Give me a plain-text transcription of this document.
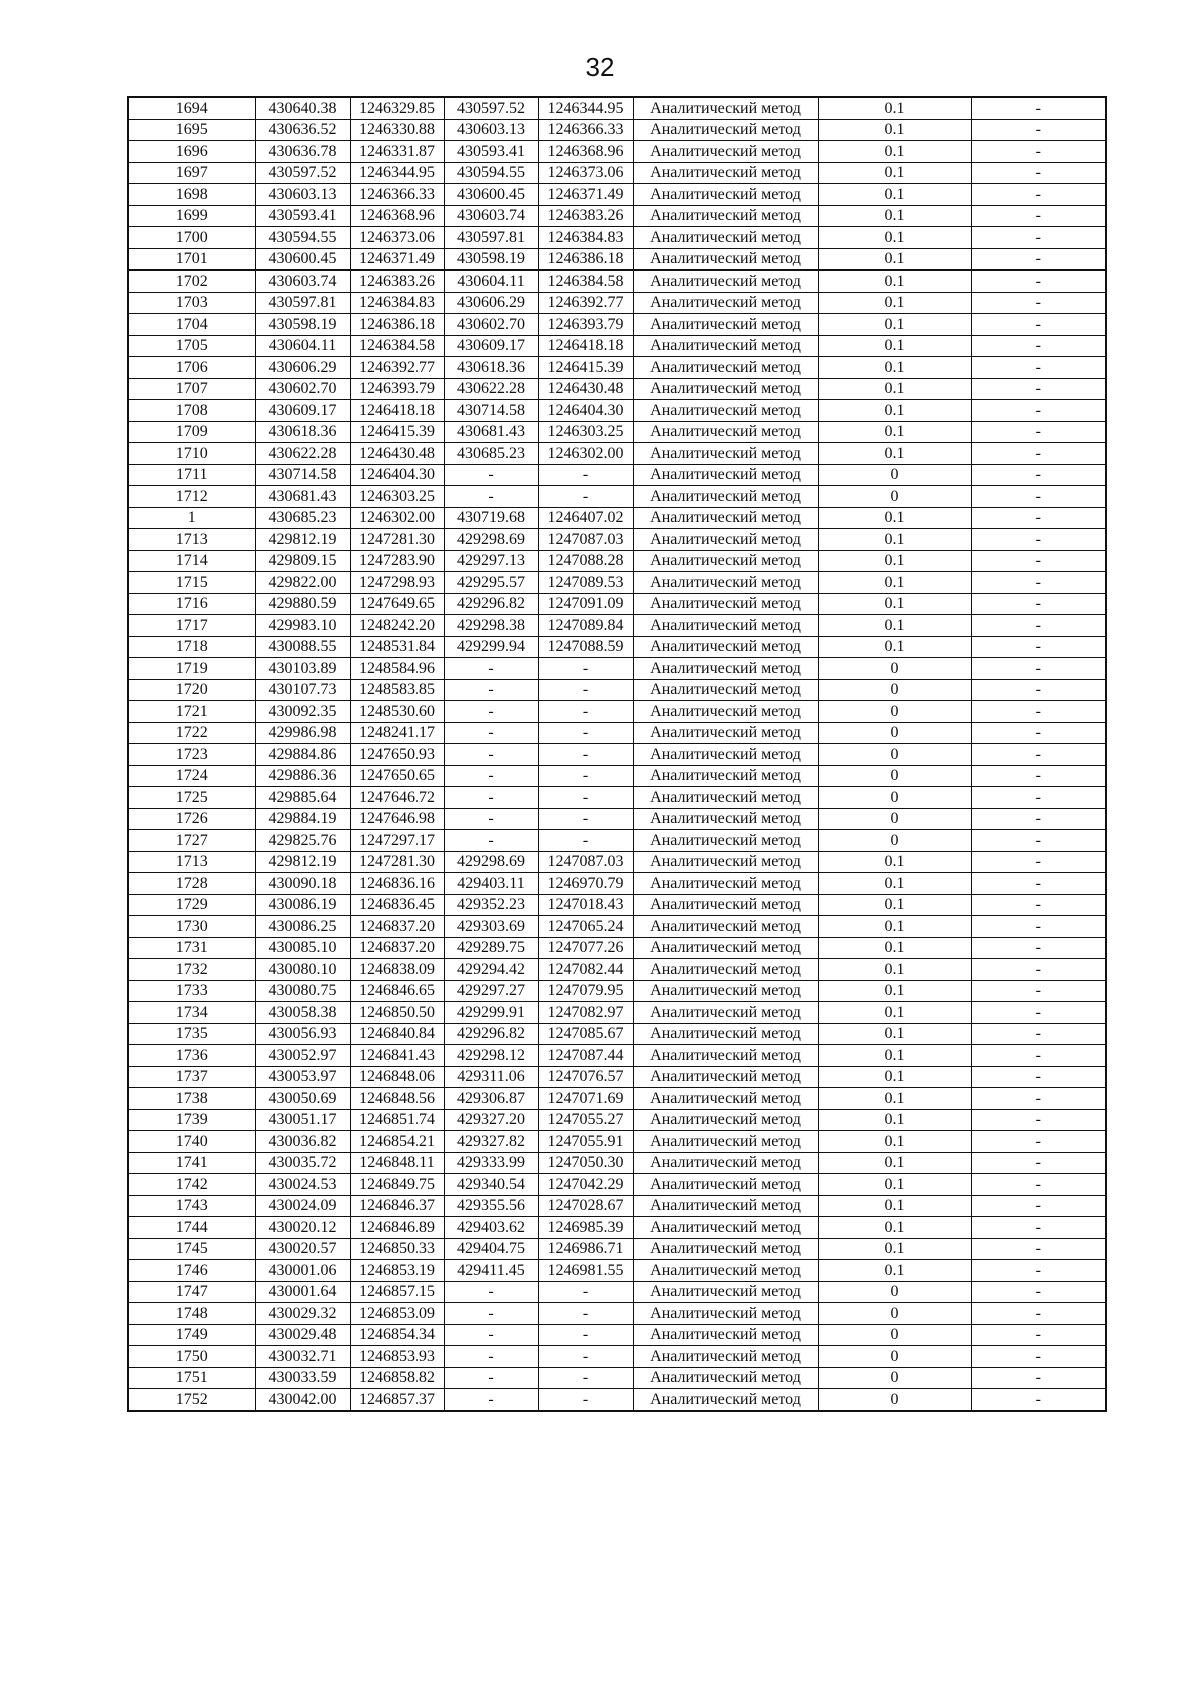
32
1694	430640.38	1246329.85	430597.52	1246344.95	Аналитический метод	0.1	-
1695	430636.52	1246330.88	430603.13	1246366.33	Аналитический метод	0.1	-
1696	430636.78	1246331.87	430593.41	1246368.96	Аналитический метод	0.1	-
1697	430597.52	1246344.95	430594.55	1246373.06	Аналитический метод	0.1	-
1698	430603.13	1246366.33	430600.45	1246371.49	Аналитический метод	0.1	-
1699	430593.41	1246368.96	430603.74	1246383.26	Аналитический метод	0.1	-
1700	430594.55	1246373.06	430597.81	1246384.83	Аналитический метод	0.1	-
1701	430600.45	1246371.49	430598.19	1246386.18	Аналитический метод	0.1	-
1702	430603.74	1246383.26	430604.11	1246384.58	Аналитический метод	0.1	-
1703	430597.81	1246384.83	430606.29	1246392.77	Аналитический метод	0.1	-
1704	430598.19	1246386.18	430602.70	1246393.79	Аналитический метод	0.1	-
1705	430604.11	1246384.58	430609.17	1246418.18	Аналитический метод	0.1	-
1706	430606.29	1246392.77	430618.36	1246415.39	Аналитический метод	0.1	-
1707	430602.70	1246393.79	430622.28	1246430.48	Аналитический метод	0.1	-
1708	430609.17	1246418.18	430714.58	1246404.30	Аналитический метод	0.1	-
1709	430618.36	1246415.39	430681.43	1246303.25	Аналитический метод	0.1	-
1710	430622.28	1246430.48	430685.23	1246302.00	Аналитический метод	0.1	-
1711	430714.58	1246404.30	-	-	Аналитический метод	0	-
1712	430681.43	1246303.25	-	-	Аналитический метод	0	-
1	430685.23	1246302.00	430719.68	1246407.02	Аналитический метод	0.1	-
1713	429812.19	1247281.30	429298.69	1247087.03	Аналитический метод	0.1	-
1714	429809.15	1247283.90	429297.13	1247088.28	Аналитический метод	0.1	-
1715	429822.00	1247298.93	429295.57	1247089.53	Аналитический метод	0.1	-
1716	429880.59	1247649.65	429296.82	1247091.09	Аналитический метод	0.1	-
1717	429983.10	1248242.20	429298.38	1247089.84	Аналитический метод	0.1	-
1718	430088.55	1248531.84	429299.94	1247088.59	Аналитический метод	0.1	-
1719	430103.89	1248584.96	-	-	Аналитический метод	0	-
1720	430107.73	1248583.85	-	-	Аналитический метод	0	-
1721	430092.35	1248530.60	-	-	Аналитический метод	0	-
1722	429986.98	1248241.17	-	-	Аналитический метод	0	-
1723	429884.86	1247650.93	-	-	Аналитический метод	0	-
1724	429886.36	1247650.65	-	-	Аналитический метод	0	-
1725	429885.64	1247646.72	-	-	Аналитический метод	0	-
1726	429884.19	1247646.98	-	-	Аналитический метод	0	-
1727	429825.76	1247297.17	-	-	Аналитический метод	0	-
1713	429812.19	1247281.30	429298.69	1247087.03	Аналитический метод	0.1	-
1728	430090.18	1246836.16	429403.11	1246970.79	Аналитический метод	0.1	-
1729	430086.19	1246836.45	429352.23	1247018.43	Аналитический метод	0.1	-
1730	430086.25	1246837.20	429303.69	1247065.24	Аналитический метод	0.1	-
1731	430085.10	1246837.20	429289.75	1247077.26	Аналитический метод	0.1	-
1732	430080.10	1246838.09	429294.42	1247082.44	Аналитический метод	0.1	-
1733	430080.75	1246846.65	429297.27	1247079.95	Аналитический метод	0.1	-
1734	430058.38	1246850.50	429299.91	1247082.97	Аналитический метод	0.1	-
1735	430056.93	1246840.84	429296.82	1247085.67	Аналитический метод	0.1	-
1736	430052.97	1246841.43	429298.12	1247087.44	Аналитический метод	0.1	-
1737	430053.97	1246848.06	429311.06	1247076.57	Аналитический метод	0.1	-
1738	430050.69	1246848.56	429306.87	1247071.69	Аналитический метод	0.1	-
1739	430051.17	1246851.74	429327.20	1247055.27	Аналитический метод	0.1	-
1740	430036.82	1246854.21	429327.82	1247055.91	Аналитический метод	0.1	-
1741	430035.72	1246848.11	429333.99	1247050.30	Аналитический метод	0.1	-
1742	430024.53	1246849.75	429340.54	1247042.29	Аналитический метод	0.1	-
1743	430024.09	1246846.37	429355.56	1247028.67	Аналитический метод	0.1	-
1744	430020.12	1246846.89	429403.62	1246985.39	Аналитический метод	0.1	-
1745	430020.57	1246850.33	429404.75	1246986.71	Аналитический метод	0.1	-
1746	430001.06	1246853.19	429411.45	1246981.55	Аналитический метод	0.1	-
1747	430001.64	1246857.15	-	-	Аналитический метод	0	-
1748	430029.32	1246853.09	-	-	Аналитический метод	0	-
1749	430029.48	1246854.34	-	-	Аналитический метод	0	-
1750	430032.71	1246853.93	-	-	Аналитический метод	0	-
1751	430033.59	1246858.82	-	-	Аналитический метод	0	-
1752	430042.00	1246857.37	-	-	Аналитический метод	0	-
